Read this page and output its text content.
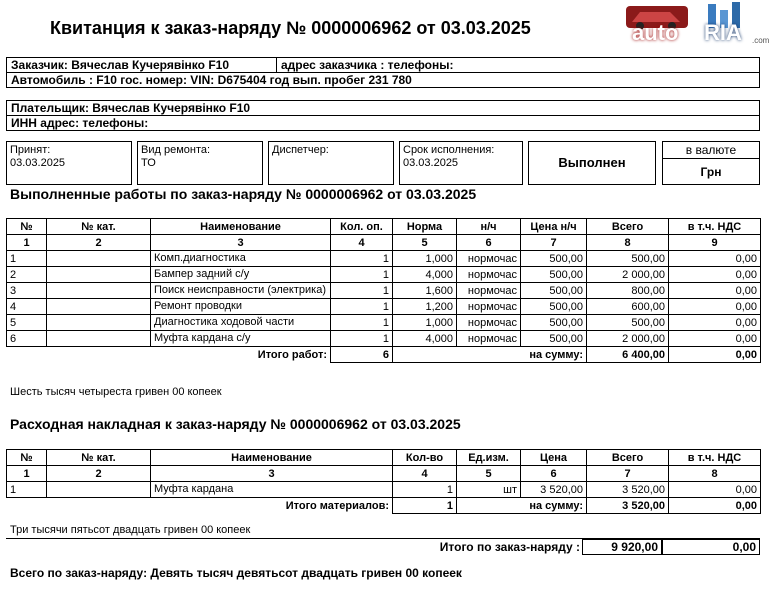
Квитанция к заказ-наряду № 0000006962 от 03.03.2025	auto RIA .com
Заказчик: Вячеслав Кучерявінко F10	адрес заказчика : телефоны:
Автомобиль : F10 гос. номер: VIN: D675404 год вып. пробег 231 780
Плательщик: Вячеслав Кучерявінко F10
ИНН адрес: телефоны:
Принят:
03.03.2025
Вид ремонта:
ТО
Диспетчер:	Срок исполнения:
03.03.2025	Выполнен
в валюте
Грн
Выполненные работы по заказ-наряду № 0000006962 от 03.03.2025
№	№ кат.	Наименование	Кол. оп.	Норма	н/ч	Цена н/ч	Всего	в т.ч. НДС
1	2	3	4	5	6	7	8	9
1		Комп.диагностика	1	1,000	нормочас	500,00	500,00	0,00
2		Бампер задний с/у	1	4,000	нормочас	500,00	2 000,00	0,00
3		Поиск неисправности (электрика)	1	1,600	нормочас	500,00	800,00	0,00
4		Ремонт проводки	1	1,200	нормочас	500,00	600,00	0,00
5		Диагностика ходовой части	1	1,000	нормочас	500,00	500,00	0,00
6		Муфта кардана с/у	1	4,000	нормочас	500,00	2 000,00	0,00
		Итого работ:	6	на сумму:			6 400,00	0,00
Шесть тысяч четыреста гривен 00 копеек
Расходная накладная к заказ-наряду № 0000006962 от 03.03.2025
№	№ кат.	Наименование	Кол-во	Ед.изм.	Цена	Всего	в т.ч. НДС
1	2	3	4	5	6	7	8
1		Муфта кардана	1	шт	3 520,00	3 520,00	0,00
		Итого материалов:	1	на сумму:		3 520,00	0,00
Три тысячи пятьсот двадцать гривен 00 копеек
Итого по заказ-наряду :	9 920,00	0,00
Всего по заказ-наряду: Девять тысяч девятьсот двадцать гривен 00 копеек
